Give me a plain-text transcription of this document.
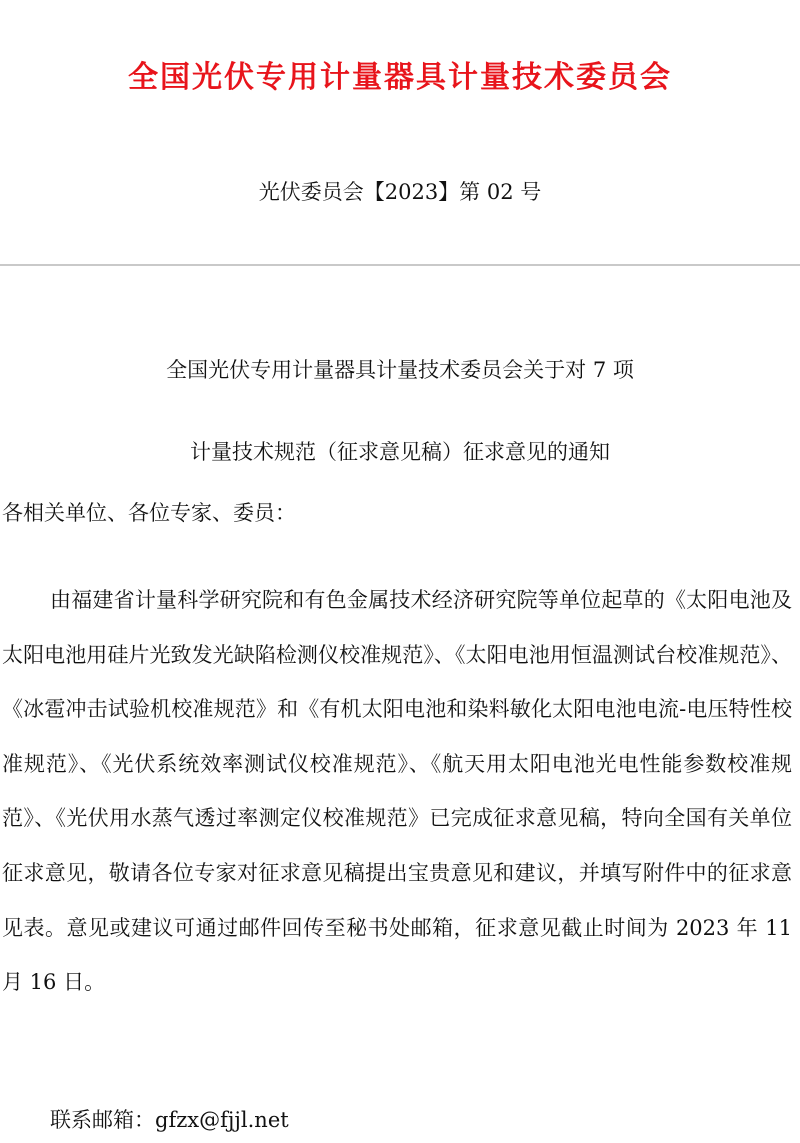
全国光伏专用计量器具计量技术委员会
光伏委员会【2023】第 02 号
全国光伏专用计量器具计量技术委员会关于对 7 项
计量技术规范（征求意见稿）征求意见的通知
各相关单位、各位专家、委员：
由福建省计量科学研究院和有色金属技术经济研究院等单位起草的《太阳电池及太阳电池用硅片光致发光缺陷检测仪校准规范》、《太阳电池用恒温测试台校准规范》、《冰雹冲击试验机校准规范》和《有机太阳电池和染料敏化太阳电池电流-电压特性校准规范》、《光伏系统效率测试仪校准规范》、《航天用太阳电池光电性能参数校准规范》、《光伏用水蒸气透过率测定仪校准规范》已完成征求意见稿，特向全国有关单位征求意见，敬请各位专家对征求意见稿提出宝贵意见和建议，并填写附件中的征求意见表。意见或建议可通过邮件回传至秘书处邮箱，征求意见截止时间为 2023 年 11 月 16 日。
联系邮箱：gfzx@fjjl.net
